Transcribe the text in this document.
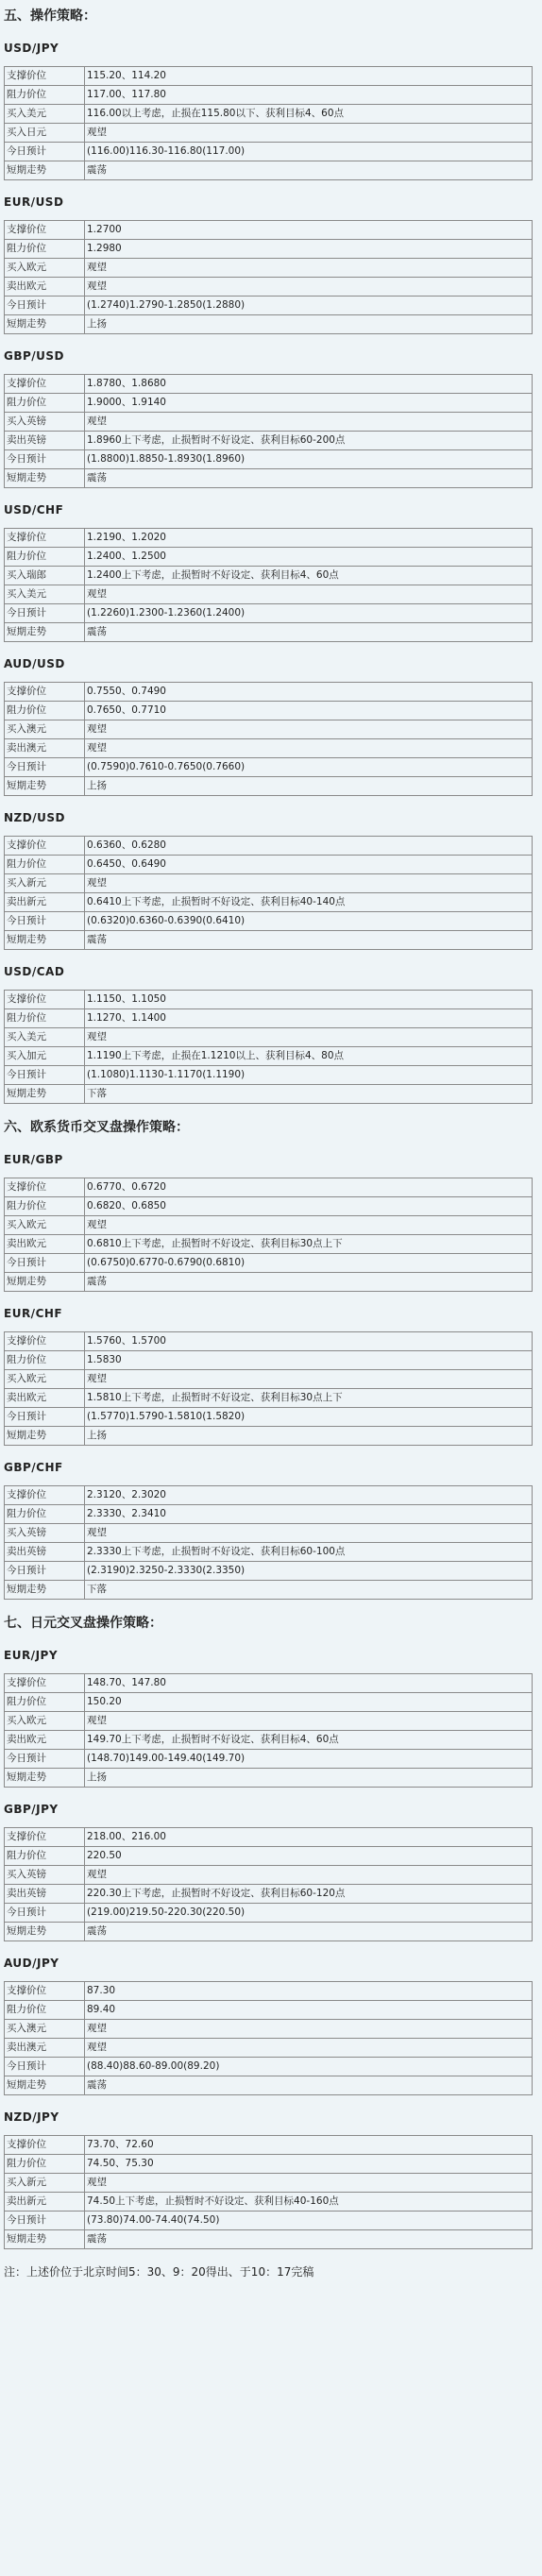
五、操作策略：
USD/JPY
支撑价位	115.20、114.20
阻力价位	117.00、117.80
买入美元	116.00以上考虑，止损在115.80以下、获利目标4、60点
买入日元	观望
今日预计	(116.00)116.30-116.80(117.00)
短期走势	震荡
EUR/USD
支撑价位	1.2700
阻力价位	1.2980
买入欧元	观望
卖出欧元	观望
今日预计	(1.2740)1.2790-1.2850(1.2880)
短期走势	上扬
GBP/USD
支撑价位	1.8780、1.8680
阻力价位	1.9000、1.9140
买入英镑	观望
卖出英镑	1.8960上下考虑，止损暂时不好设定、获利目标60-200点
今日预计	(1.8800)1.8850-1.8930(1.8960)
短期走势	震荡
USD/CHF
支撑价位	1.2190、1.2020
阻力价位	1.2400、1.2500
买入瑞郎	1.2400上下考虑，止损暂时不好设定、获利目标4、60点
买入美元	观望
今日预计	(1.2260)1.2300-1.2360(1.2400)
短期走势	震荡
AUD/USD
支撑价位	0.7550、0.7490
阻力价位	0.7650、0.7710
买入澳元	观望
卖出澳元	观望
今日预计	(0.7590)0.7610-0.7650(0.7660)
短期走势	上扬
NZD/USD
支撑价位	0.6360、0.6280
阻力价位	0.6450、0.6490
买入新元	观望
卖出新元	0.6410上下考虑，止损暂时不好设定、获利目标40-140点
今日预计	(0.6320)0.6360-0.6390(0.6410)
短期走势	震荡
USD/CAD
支撑价位	1.1150、1.1050
阻力价位	1.1270、1.1400
买入美元	观望
买入加元	1.1190上下考虑，止损在1.1210以上、获利目标4、80点
今日预计	(1.1080)1.1130-1.1170(1.1190)
短期走势	下落
六、欧系货币交叉盘操作策略：
EUR/GBP
支撑价位	0.6770、0.6720
阻力价位	0.6820、0.6850
买入欧元	观望
卖出欧元	0.6810上下考虑，止损暂时不好设定、获利目标30点上下
今日预计	(0.6750)0.6770-0.6790(0.6810)
短期走势	震荡
EUR/CHF
支撑价位	1.5760、1.5700
阻力价位	1.5830
买入欧元	观望
卖出欧元	1.5810上下考虑，止损暂时不好设定、获利目标30点上下
今日预计	(1.5770)1.5790-1.5810(1.5820)
短期走势	上扬
GBP/CHF
支撑价位	2.3120、2.3020
阻力价位	2.3330、2.3410
买入英镑	观望
卖出英镑	2.3330上下考虑，止损暂时不好设定、获利目标60-100点
今日预计	(2.3190)2.3250-2.3330(2.3350)
短期走势	下落
七、日元交叉盘操作策略：
EUR/JPY
支撑价位	148.70、147.80
阻力价位	150.20
买入欧元	观望
卖出欧元	149.70上下考虑，止损暂时不好设定、获利目标4、60点
今日预计	(148.70)149.00-149.40(149.70)
短期走势	上扬
GBP/JPY
支撑价位	218.00、216.00
阻力价位	220.50
买入英镑	观望
卖出英镑	220.30上下考虑，止损暂时不好设定、获利目标60-120点
今日预计	(219.00)219.50-220.30(220.50)
短期走势	震荡
AUD/JPY
支撑价位	87.30
阻力价位	89.40
买入澳元	观望
卖出澳元	观望
今日预计	(88.40)88.60-89.00(89.20)
短期走势	震荡
NZD/JPY
支撑价位	73.70、72.60
阻力价位	74.50、75.30
买入新元	观望
卖出新元	74.50上下考虑，止损暂时不好设定、获利目标40-160点
今日预计	(73.80)74.00-74.40(74.50)
短期走势	震荡
注：上述价位于北京时间5：30、9：20得出、于10：17完稿
